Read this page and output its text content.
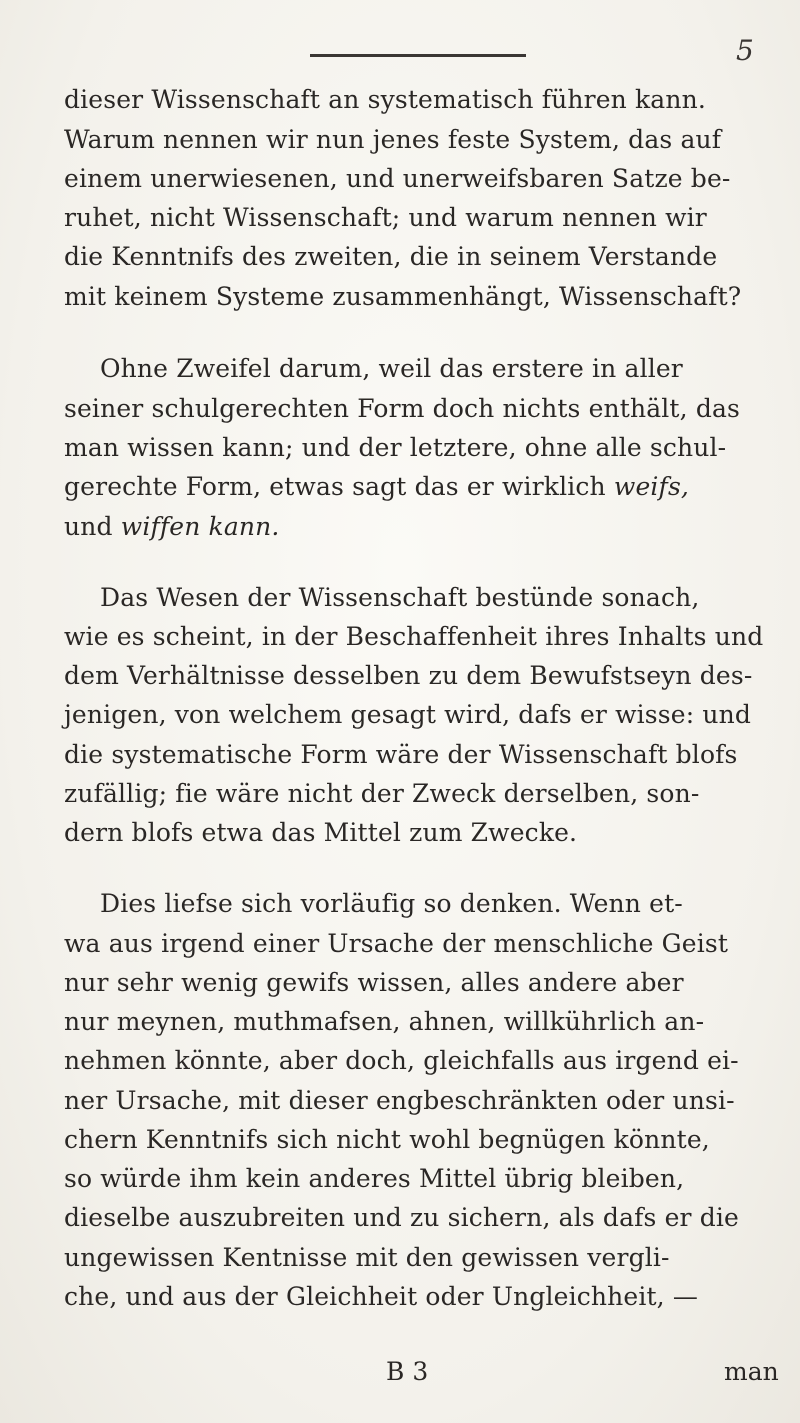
5
dieser Wissenschaft an systematisch führen kann.
Warum nennen wir nun jenes feste System, das auf
einem unerwiesenen, und unerweifsbaren Satze be-
ruhet, nicht Wissenschaft; und warum nennen wir
die Kenntnifs des zweiten, die in seinem Verstande
mit keinem Systeme zusammenhängt, Wissenschaft?
Ohne Zweifel darum, weil das erstere in aller
seiner schulgerechten Form doch nichts enthält, das
man wissen kann; und der letztere, ohne alle schul-
gerechte Form, etwas sagt das er wirklich weifs,
und wiffen kann.
Das Wesen der Wissenschaft bestünde sonach,
wie es scheint, in der Beschaffenheit ihres Inhalts und
dem Verhältnisse desselben zu dem Bewufstseyn des-
jenigen, von welchem gesagt wird, dafs er wisse: und
die systematische Form wäre der Wissenschaft blofs
zufällig; fie wäre nicht der Zweck derselben, son-
dern blofs etwa das Mittel zum Zwecke.
Dies liefse sich vorläufig so denken. Wenn et-
wa aus irgend einer Ursache der menschliche Geist
nur sehr wenig gewifs wissen, alles andere aber
nur meynen, muthmafsen, ahnen, willkührlich an-
nehmen könnte, aber doch, gleichfalls aus irgend ei-
ner Ursache, mit dieser engbeschränkten oder unsi-
chern Kenntnifs sich nicht wohl begnügen könnte,
so würde ihm kein anderes Mittel übrig bleiben,
dieselbe auszubreiten und zu sichern, als dafs er die
ungewissen Kentnisse mit den gewissen vergli-
che, und aus der Gleichheit oder Ungleichheit, —
B 3	man
